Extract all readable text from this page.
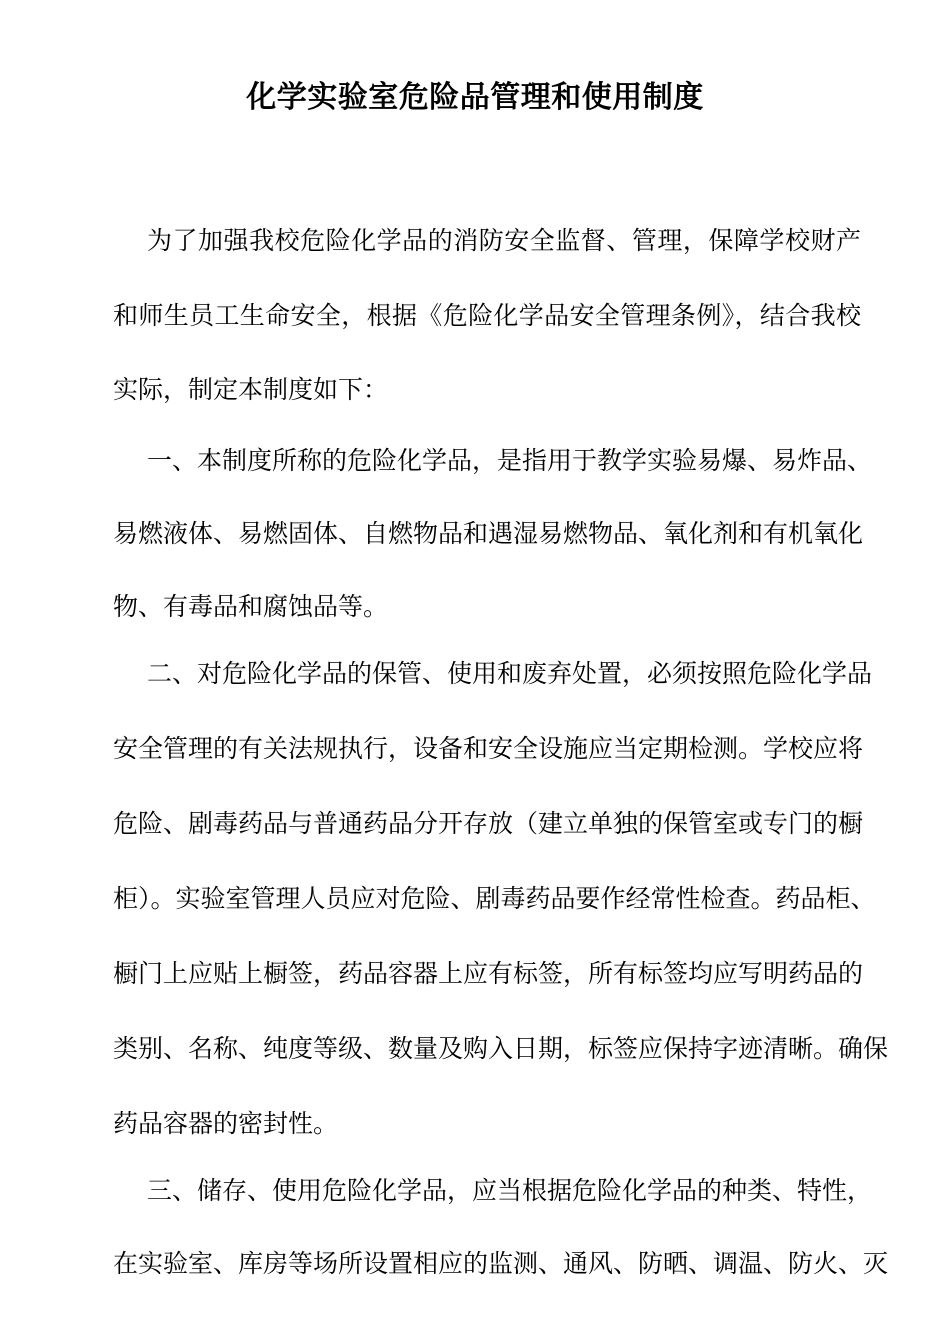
化学实验室危险品管理和使用制度

为了加强我校危险化学品的消防安全监督、管理，保障学校财产

和师生员工生命安全，根据《危险化学品安全管理条例》，结合我校

实际，制定本制度如下：

一、本制度所称的危险化学品，是指用于教学实验易爆、易炸品、

易燃液体、易燃固体、自燃物品和遇湿易燃物品、氧化剂和有机氧化

物、有毒品和腐蚀品等。

二、对危险化学品的保管、使用和废弃处置，必须按照危险化学品

安全管理的有关法规执行，设备和安全设施应当定期检测。学校应将

危险、剧毒药品与普通药品分开存放（建立单独的保管室或专门的橱

柜）。实验室管理人员应对危险、剧毒药品要作经常性检查。药品柜、

橱门上应贴上橱签，药品容器上应有标签，所有标签均应写明药品的

类别、名称、纯度等级、数量及购入日期，标签应保持字迹清晰。确保

药品容器的密封性。

三、储存、使用危险化学品，应当根据危险化学品的种类、特性，

在实验室、库房等场所设置相应的监测、通风、防晒、调温、防火、灭
